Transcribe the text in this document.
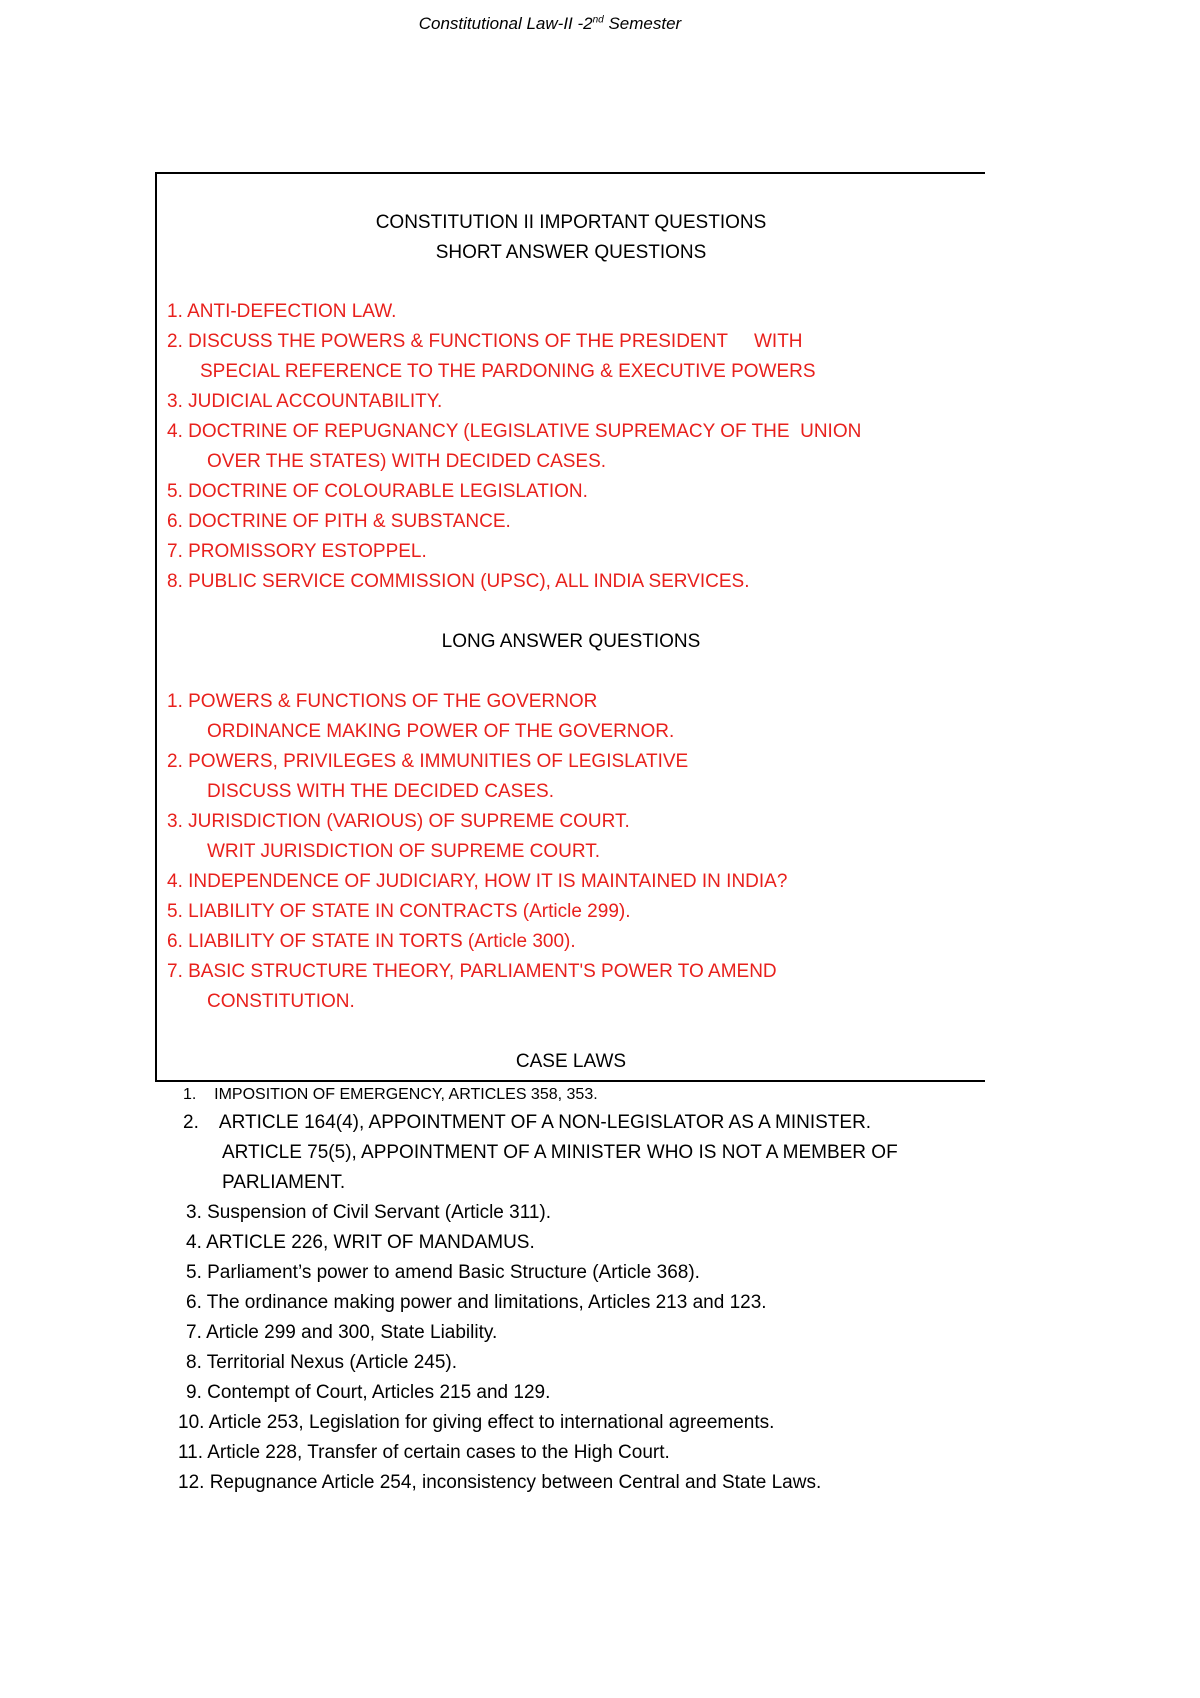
Constitutional Law-II -2nd Semester
CONSTITUTION II IMPORTANT QUESTIONS
SHORT ANSWER QUESTIONS
1. ANTI-DEFECTION LAW.
2. DISCUSS THE POWERS & FUNCTIONS OF THE PRESIDENT     WITH
SPECIAL REFERENCE TO THE PARDONING & EXECUTIVE POWERS
3. JUDICIAL ACCOUNTABILITY.
4. DOCTRINE OF REPUGNANCY (LEGISLATIVE SUPREMACY OF THE  UNION
OVER THE STATES) WITH DECIDED CASES.
5. DOCTRINE OF COLOURABLE LEGISLATION.
6. DOCTRINE OF PITH & SUBSTANCE.
7. PROMISSORY ESTOPPEL.
8. PUBLIC SERVICE COMMISSION (UPSC), ALL INDIA SERVICES.
LONG ANSWER QUESTIONS
1. POWERS & FUNCTIONS OF THE GOVERNOR
ORDINANCE MAKING POWER OF THE GOVERNOR.
2. POWERS, PRIVILEGES & IMMUNITIES OF LEGISLATIVE
DISCUSS WITH THE DECIDED CASES.
3. JURISDICTION (VARIOUS) OF SUPREME COURT.
WRIT JURISDICTION OF SUPREME COURT.
4. INDEPENDENCE OF JUDICIARY, HOW IT IS MAINTAINED IN INDIA?
5. LIABILITY OF STATE IN CONTRACTS (Article 299).
6. LIABILITY OF STATE IN TORTS (Article 300).
7. BASIC STRUCTURE THEORY, PARLIAMENT'S POWER TO AMEND
CONSTITUTION.
CASE LAWS
1.    IMPOSITION OF EMERGENCY, ARTICLES 358, 353.
2.    ARTICLE 164(4), APPOINTMENT OF A NON-LEGISLATOR AS A MINISTER.
ARTICLE 75(5), APPOINTMENT OF A MINISTER WHO IS NOT A MEMBER OF
PARLIAMENT.
3. Suspension of Civil Servant (Article 311).
4. ARTICLE 226, WRIT OF MANDAMUS.
5. Parliament’s power to amend Basic Structure (Article 368).
6. The ordinance making power and limitations, Articles 213 and 123.
7. Article 299 and 300, State Liability.
8. Territorial Nexus (Article 245).
9. Contempt of Court, Articles 215 and 129.
10. Article 253, Legislation for giving effect to international agreements.
11. Article 228, Transfer of certain cases to the High Court.
12. Repugnance Article 254, inconsistency between Central and State Laws.
